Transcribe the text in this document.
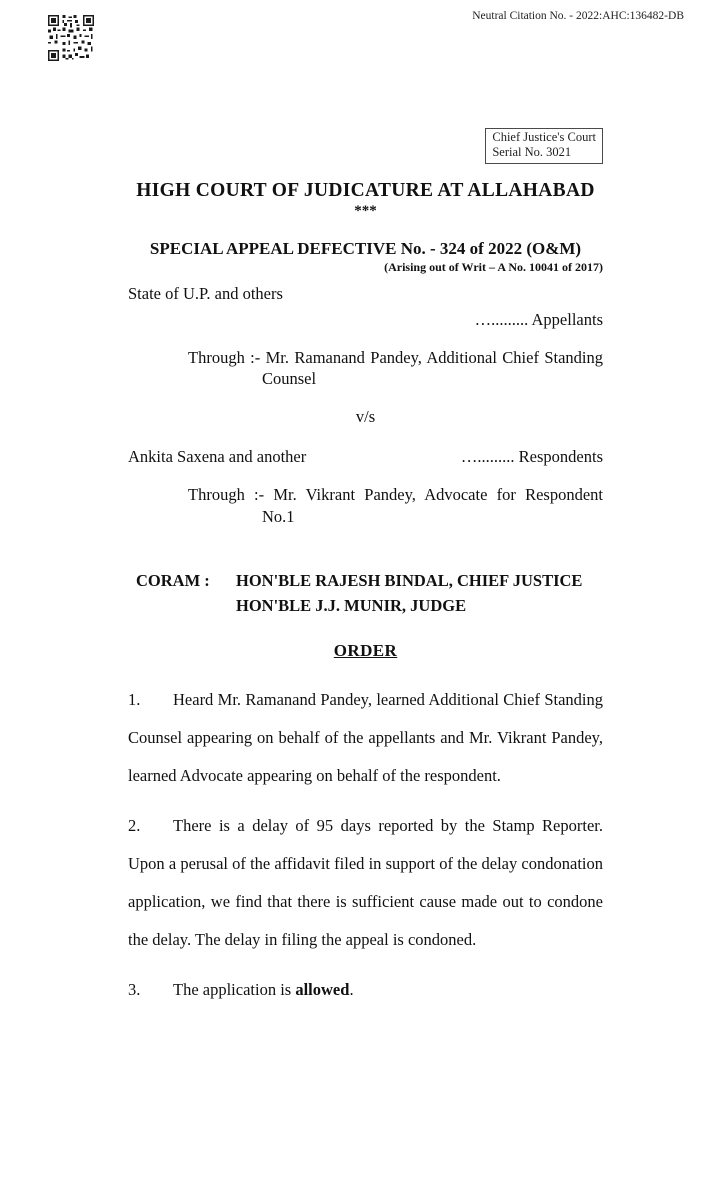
Neutral Citation No. - 2022:AHC:136482-DB
Chief Justice's Court
Serial No. 3021
HIGH COURT OF JUDICATURE AT ALLAHABAD
***
SPECIAL APPEAL DEFECTIVE No. - 324 of 2022 (O&M)
(Arising out of Writ – A No. 10041 of 2017)
State of U.P. and others
…......... Appellants
Through :- Mr. Ramanand Pandey, Additional Chief Standing Counsel
v/s
Ankita Saxena and another	…......... Respondents
Through :- Mr. Vikrant Pandey, Advocate for Respondent No.1
CORAM :	HON'BLE RAJESH BINDAL, CHIEF JUSTICE
HON'BLE J.J. MUNIR, JUDGE
ORDER
1. Heard Mr. Ramanand Pandey, learned Additional Chief Standing Counsel appearing on behalf of the appellants and Mr. Vikrant Pandey, learned Advocate appearing on behalf of the respondent.
2. There is a delay of 95 days reported by the Stamp Reporter. Upon a perusal of the affidavit filed in support of the delay condonation application, we find that there is sufficient cause made out to condone the delay. The delay in filing the appeal is condoned.
3. The application is allowed.
